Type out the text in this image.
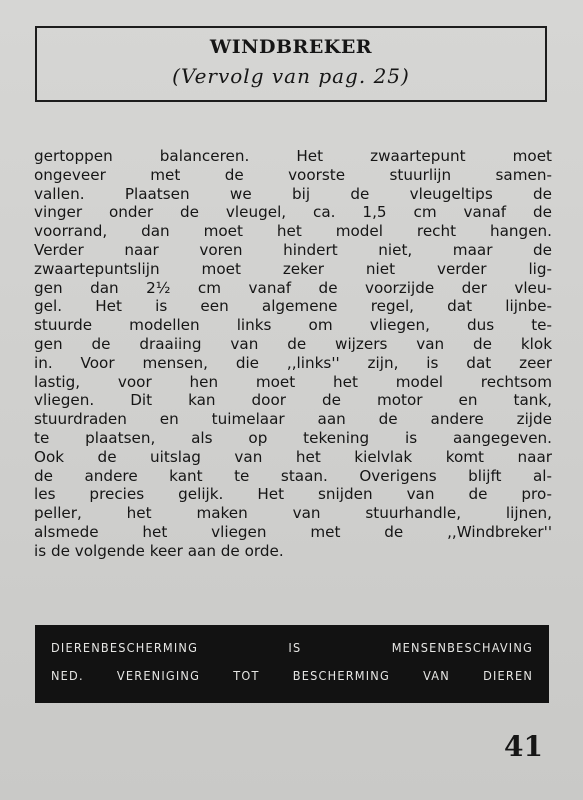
WINDBREKER
(Vervolg van pag. 25)
gertoppen balanceren. Het zwaartepunt moet
ongeveer met de voorste stuurlijn samen-
vallen. Plaatsen we bij de vleugeltips de
vinger onder de vleugel, ca. 1,5 cm vanaf de
voorrand, dan moet het model recht hangen.
Verder naar voren hindert niet, maar de
zwaartepuntslijn moet zeker niet verder lig-
gen dan 2½ cm vanaf de voorzijde der vleu-
gel. Het is een algemene regel, dat lijnbe-
stuurde modellen links om vliegen, dus te-
gen de draaiing van de wijzers van de klok
in. Voor mensen, die ,,links'' zijn, is dat zeer
lastig, voor hen moet het model rechtsom
vliegen. Dit kan door de motor en tank,
stuurdraden en tuimelaar aan de andere zijde
te plaatsen, als op tekening is aangegeven.
Ook de uitslag van het kielvlak komt naar
de andere kant te staan. Overigens blijft al-
les precies gelijk. Het snijden van de pro-
peller, het maken van stuurhandle, lijnen,
alsmede het vliegen met de ,,Windbreker''
is de volgende keer aan de orde.
DIERENBESCHERMING IS MENSENBESCHAVING
NED. VERENIGING TOT BESCHERMING VAN DIEREN
41
